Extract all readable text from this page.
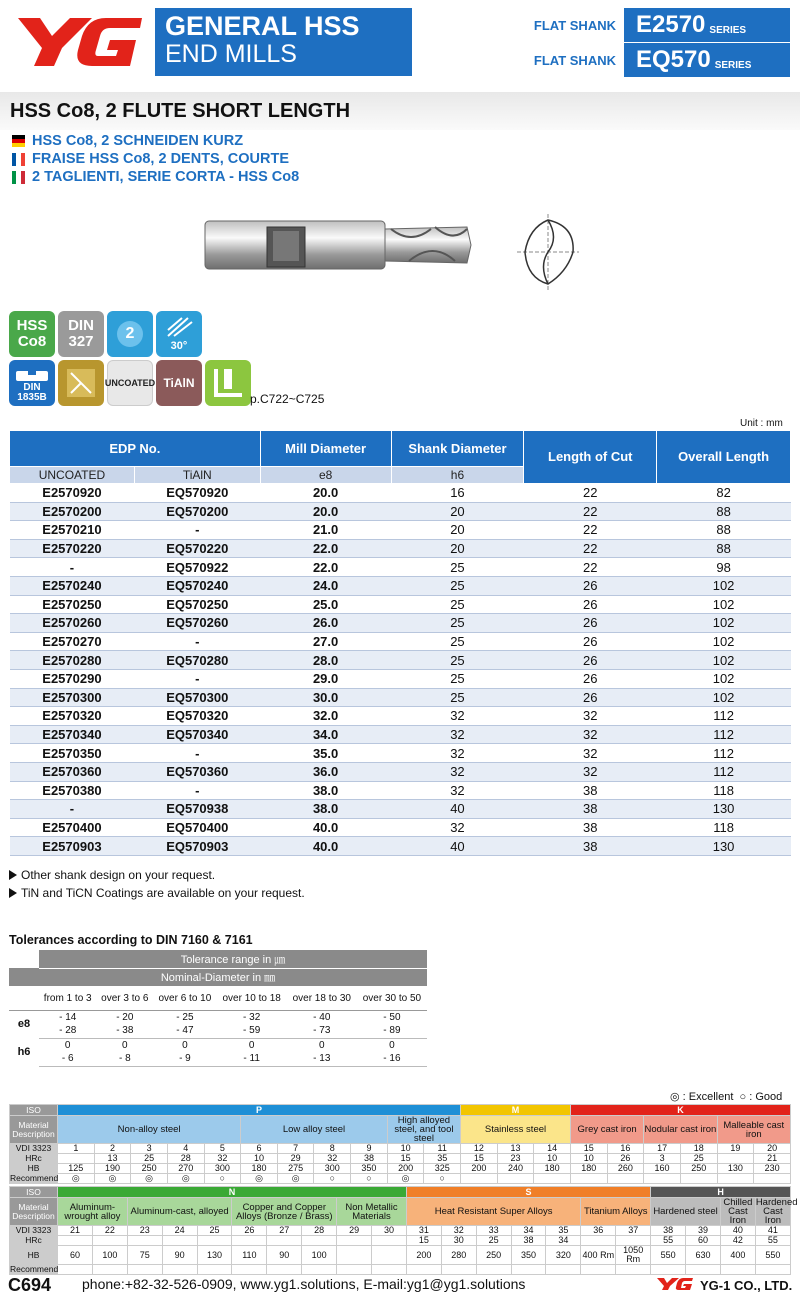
YG
GENERAL HSS
END MILLS
FLAT SHANK E2570 SERIES
FLAT SHANK EQ570 SERIES
HSS Co8, 2 FLUTE SHORT LENGTH
HSS Co8, 2 SCHNEIDEN KURZ
FRAISE HSS Co8, 2 DENTS, COURTE
2 TAGLIENTI, SERIE CORTA - HSS Co8
HSS
Co8
DIN
327	2
30°
DIN
1835B
UNCOATED TiAlN
p.C722~C725
Unit : mm
EDP No.		Mill Diameter	Shank Diameter	Length of Cut	Overall Length
UNCOATED	TiAlN	e8	h6		
E2570920	EQ570920	20.0	16	22	82
E2570200	EQ570200	20.0	20	22	88
E2570210	-	21.0	20	22	88
E2570220	EQ570220	22.0	20	22	88
-	EQ570922	22.0	25	22	98
E2570240	EQ570240	24.0	25	26	102
E2570250	EQ570250	25.0	25	26	102
E2570260	EQ570260	26.0	25	26	102
E2570270	-	27.0	25	26	102
E2570280	EQ570280	28.0	25	26	102
E2570290	-	29.0	25	26	102
E2570300	EQ570300	30.0	25	26	102
E2570320	EQ570320	32.0	32	32	112
E2570340	EQ570340	34.0	32	32	112
E2570350	-	35.0	32	32	112
E2570360	EQ570360	36.0	32	32	112
E2570380	-	38.0	32	38	118
-	EQ570938	38.0	40	38	130
E2570400	EQ570400	40.0	32	38	118
E2570903	EQ570903	40.0	40	38	130
Other shank design on your request.
TiN and TiCN Coatings are available on your request.
Tolerances according to DIN 7160 & 7161
	Tolerance range in ㎛					
Nominal-Diameter in ㎜						
	from 1 to 3	over 3 to 6	over 6 to 10	over 10 to 18	over 18 to 30	over 30 to 50
e8	- 14	- 20	- 25	- 32	- 40	- 50
	- 28	- 38	- 47	- 59	- 73	- 89
h6	0	0	0	0	0	0
	- 6	- 8	- 9	- 11	- 13	- 16
◎ : Excellent ○ : Good
ISO	P											M			K					
Material Description	Non-alloy steel					Low alloy steel				High alloyed steel, and tool steel		Stainless steel			Grey cast iron		Nodular cast iron		Malleable cast iron	
VDI 3323	1	2	3	4	5	6	7	8	9	10	11	12	13	14	15	16	17	18	19	20
HRc		13	25	28	32	10	29	32	38	15	35	15	23	10	10	26	3	25		21
HB	125	190	250	270	300	180	275	300	350	200	325	200	240	180	180	260	160	250	130	230
Recommend	◎	◎	◎	◎	○	◎	◎	○	○	◎	○									
ISO	N										S							H			
Material Description	Aluminum-wrought alloy		Aluminum-cast, alloyed			Copper and Copper Alloys (Bronze / Brass)			Non Metallic Materials		Heat Resistant Super Alloys					Titanium Alloys		Hardened steel		Chilled Cast Iron	Hardened Cast Iron
VDI 3323	21	22	23	24	25	26	27	28	29	30	31	32	33	34	35	36	37	38	39	40	41
HRc											15	30	25	38	34			55	60	42	55
HB	60	100	75	90	130	110	90	100			200	280	250	350	320	400 Rm	1050 Rm	550	630	400	550
Recommend																					
C694 phone:+82-32-526-0909, www.yg1.solutions, E-mail:yg1@yg1.solutions	YG
YG-1 CO., LTD.
